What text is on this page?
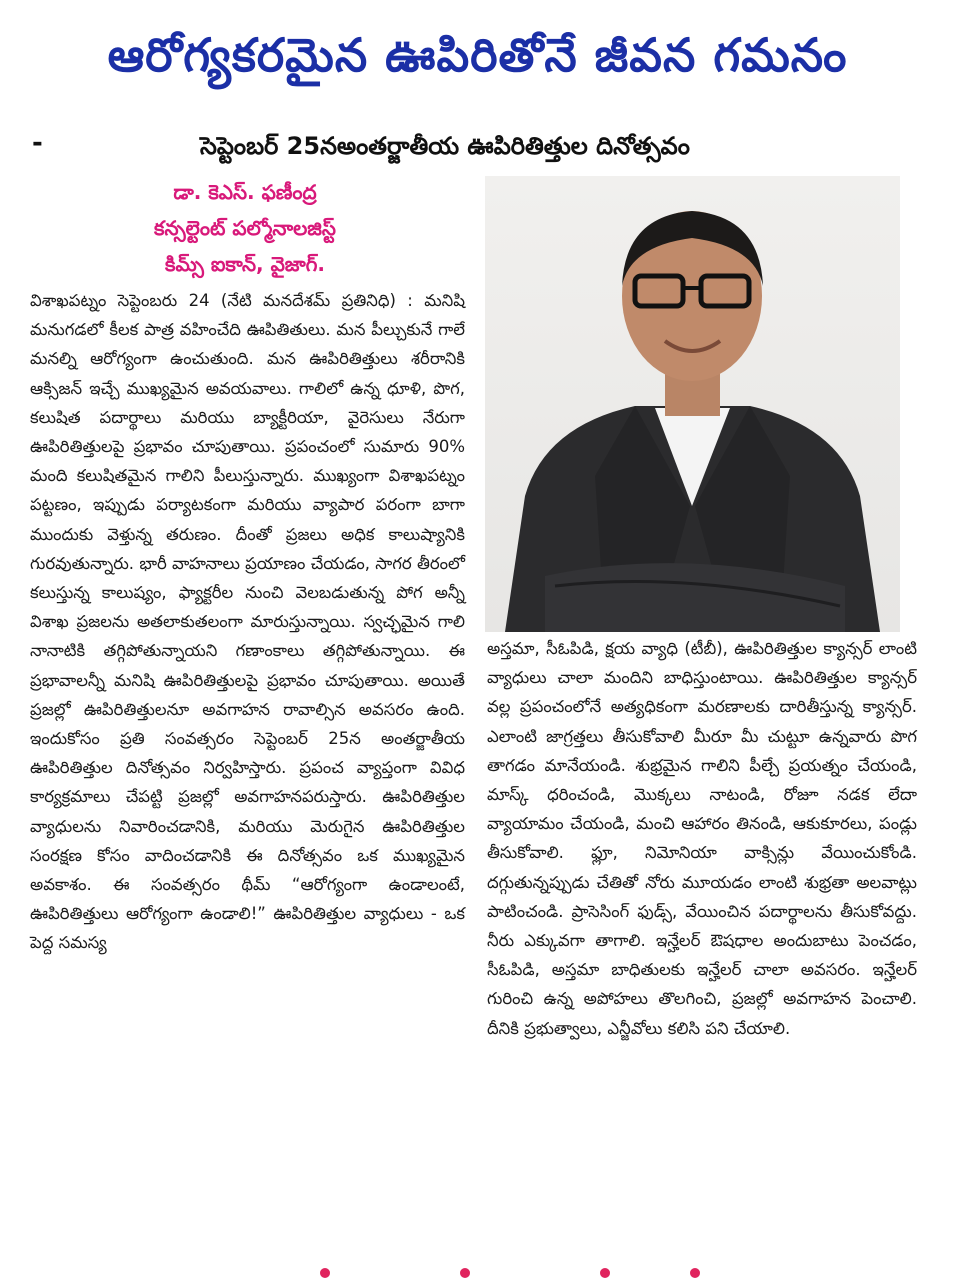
ఆరోగ్యకరమైన ఊపిరితోనే జీవన గమనం
-	సెప్టెంబర్ 25నఅంతర్జాతీయ ఊపిరితిత్తుల దినోత్సవం
డా. కెఎస్. ఫణీంద్ర
కన్సల్టెంట్ పల్మోనాలజిస్ట్
కిమ్స్ ఐకాన్, వైజాగ్.

విశాఖపట్నం సెప్టెంబరు 24 (నేటి మనదేశమ్ ప్రతినిధి) : మనిషి మనుగడలో కీలక పాత్ర వహించేది ఊపితితులు. మన పీల్చుకునే గాలే మనల్ని ఆరోగ్యంగా ఉంచుతుంది. మన ఊపిరితిత్తులు శరీరానికి ఆక్సిజన్ ఇచ్చే ముఖ్యమైన అవయవాలు. గాలిలో ఉన్న ధూళి, పొగ, కలుషిత పదార్థాలు మరియు బ్యాక్టీరియా, వైరెసులు నేరుగా ఊపిరితిత్తులపై ప్రభావం చూపుతాయి. ప్రపంచంలో సుమారు 90% మంది కలుషితమైన గాలిని పీలుస్తున్నారు. ముఖ్యంగా విశాఖపట్నం పట్టణం, ఇప్పుడు పర్యాటకంగా మరియు వ్యాపార పరంగా బాగా ముందుకు వెళ్తున్న తరుణం. దీంతో ప్రజలు అధిక కాలుష్యానికి గురవుతున్నారు. భారీ వాహనాలు ప్రయాణం చేయడం, సాగర తీరంలో కలుస్తున్న కాలుష్యం, ఫ్యాక్టరీల నుంచి వెలబడుతున్న పోగ అన్నీ విశాఖ ప్రజలను అతలాకుతలంగా మారుస్తున్నాయి. స్వచ్ఛమైన గాలి నానాటికి తగ్గిపోతున్నాయని గణాంకాలు తగ్గిపోతున్నాయి. ఈ ప్రభావాలన్నీ మనిషి ఊపిరితిత్తులపై ప్రభావం చూపుతాయి. అయితే ప్రజల్లో ఊపిరితిత్తులనూ అవగాహన రావాల్సిన అవసరం ఉంది. ఇందుకోసం ప్రతి సంవత్సరం సెప్టెంబర్ 25న అంతర్జాతీయ ఊపిరితిత్తుల దినోత్సవం నిర్వహిస్తారు. ప్రపంచ వ్యాప్తంగా వివిధ కార్యక్రమాలు చేపట్టి ప్రజల్లో అవగాహనపరుస్తారు. ఊపిరితిత్తుల వ్యాధులను నివారించడానికి, మరియు మెరుగైన ఊపిరితిత్తుల సంరక్షణ కోసం వాదించడానికి ఈ దినోత్సవం ఒక ముఖ్యమైన అవకాశం. ఈ సంవత్సరం థీమ్ “ఆరోగ్యంగా ఉండాలంటే, ఊపిరితిత్తులు ఆరోగ్యంగా ఉండాలి!” ఊపిరితిత్తుల వ్యాధులు - ఒక పెద్ద సమస్య

అస్తమా, సీఓపిడి, క్షయ వ్యాధి (టీబీ), ఊపిరితిత్తుల క్యాన్సర్ లాంటి వ్యాధులు చాలా మందిని బాధిస్తుంటాయి. ఊపిరితిత్తుల క్యాన్సర్ వల్ల ప్రపంచంలోనే అత్యధికంగా మరణాలకు దారితీస్తున్న క్యాన్సర్. ఎలాంటి జాగ్రత్తలు తీసుకోవాలి మీరూ మీ చుట్టూ ఉన్నవారు పొగ తాగడం మానేయండి. శుభ్రమైన గాలిని పీల్చే ప్రయత్నం చేయండి, మాస్క్ ధరించండి, మొక్కలు నాటండి, రోజూ నడక లేదా వ్యాయామం చేయండి, మంచి ఆహారం తినండి, ఆకుకూరలు, పండ్లు తీసుకోవాలి. ఫ్లూ, నిమోనియా వాక్సిన్లు వేయించుకోండి. దగ్గుతున్నప్పుడు చేతితో నోరు మూయడం లాంటి శుభ్రతా అలవాట్లు పాటించండి. ప్రాసెసింగ్ ఫుడ్స్, వేయించిన పదార్థాలను తీసుకోవద్దు. నీరు ఎక్కువగా తాగాలి. ఇన్హేలర్ ఔషధాల అందుబాటు పెంచడం, సీఓపిడి, అస్తమా బాధితులకు ఇన్హేలర్ చాలా అవసరం. ఇన్హేలర్ గురించి ఉన్న అపోహలు తొలగించి, ప్రజల్లో అవగాహన పెంచాలి. దీనికి ప్రభుత్వాలు, ఎన్జీవోలు కలిసి పని చేయాలి.
